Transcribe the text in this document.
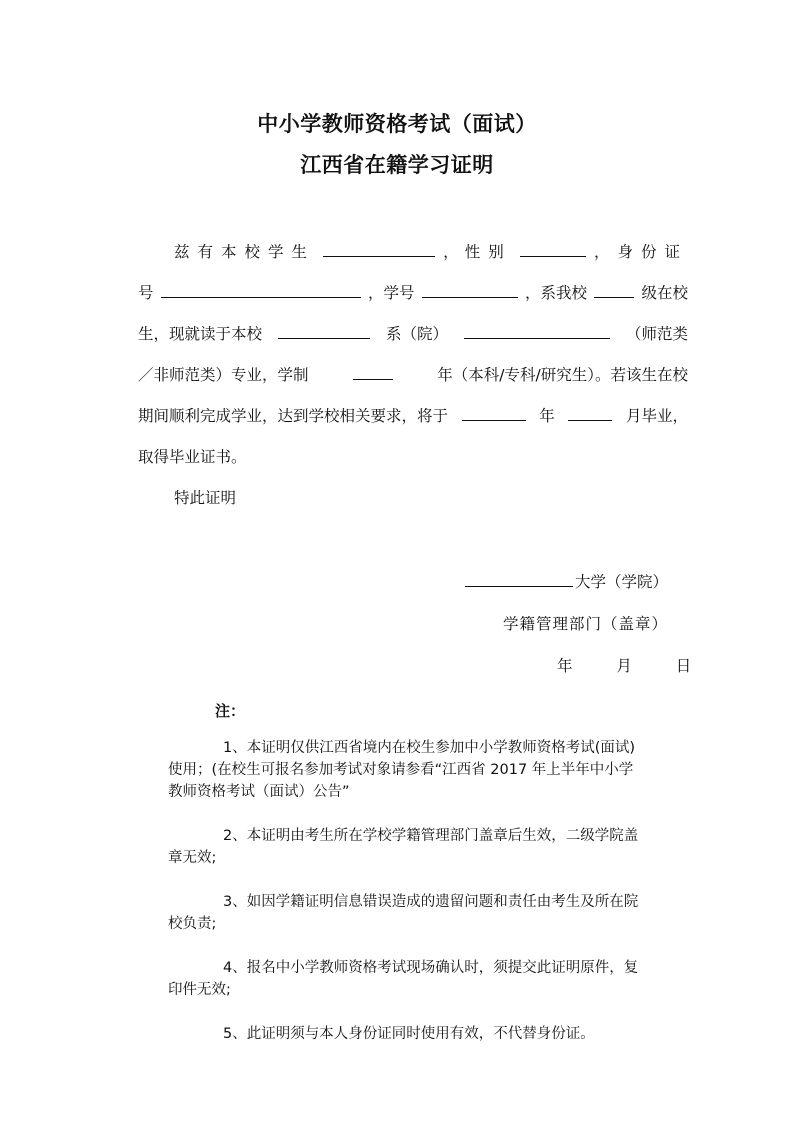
中小学教师资格考试（面试）
江西省在籍学习证明
兹有本校学生	， 性别	，身份证
号	，学号	，系我校	级在校
生，现就读于本校	系（院）	（师范类
／非师范类）专业，学制	年（本科/专科/研究生）。若该生在校
期间顺利完成学业，达到学校相关要求，将于	年	月毕业，
取得毕业证书。
特此证明
大学（学院）
学籍管理部门（盖章）
年	月	日
注：

1、本证明仅供江西省境内在校生参加中小学教师资格考试(面试)
使用；(在校生可报名参加考试对象请参看“江西省 2017 年上半年中小学
教师资格考试（面试）公告”

2、本证明由考生所在学校学籍管理部门盖章后生效，二级学院盖
章无效;

3、如因学籍证明信息错误造成的遗留问题和责任由考生及所在院
校负责;

4、报名中小学教师资格考试现场确认时，须提交此证明原件，复
印件无效;

5、此证明须与本人身份证同时使用有效，不代替身份证。
